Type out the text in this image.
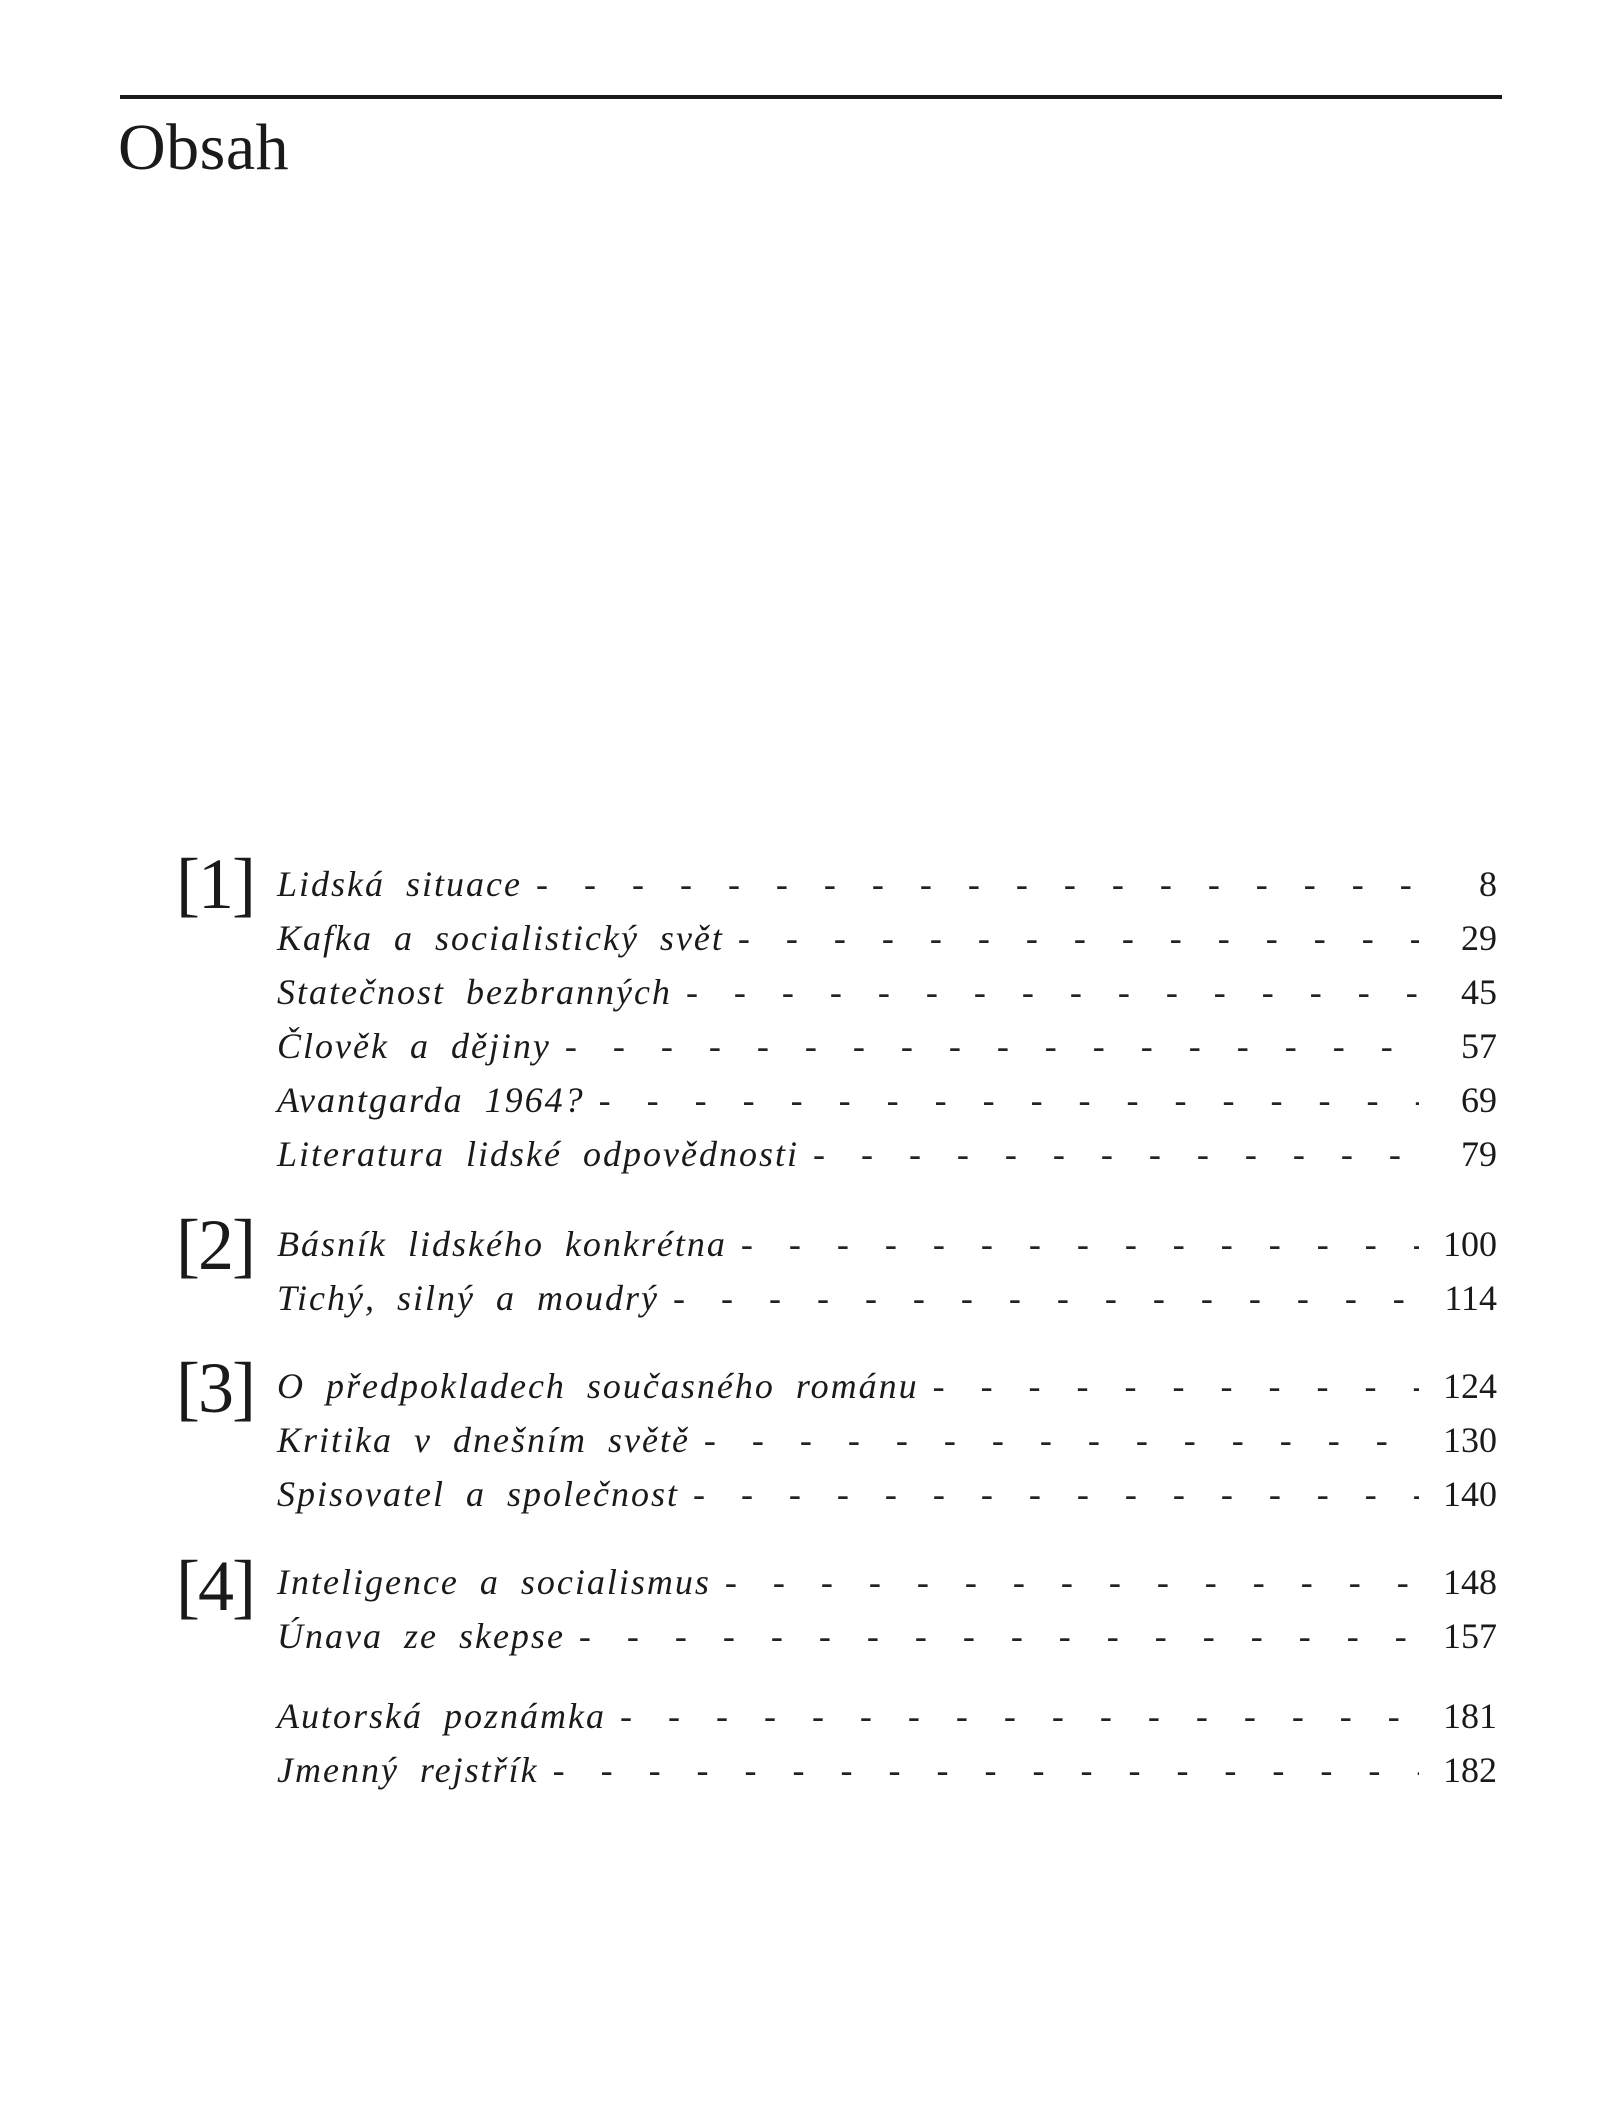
Obsah
[1] Lidská situace -	8
Kafka a socialistický svět -	29
Statečnost bezbranných -	45
Člověk a dějiny -	57
Avantgarda 1964? -	69
Literatura lidské odpovědnosti -	79
[2] Básník lidského konkrétna -	100
Tichý, silný a moudrý -	114
[3] O předpokladech současného románu -	124
Kritika v dnešním světě -	130
Spisovatel a společnost -	140
[4] Inteligence a socialismus -	148
Únava ze skepse -	157
Autorská poznámka -	181
Jmenný rejstřík -	182
